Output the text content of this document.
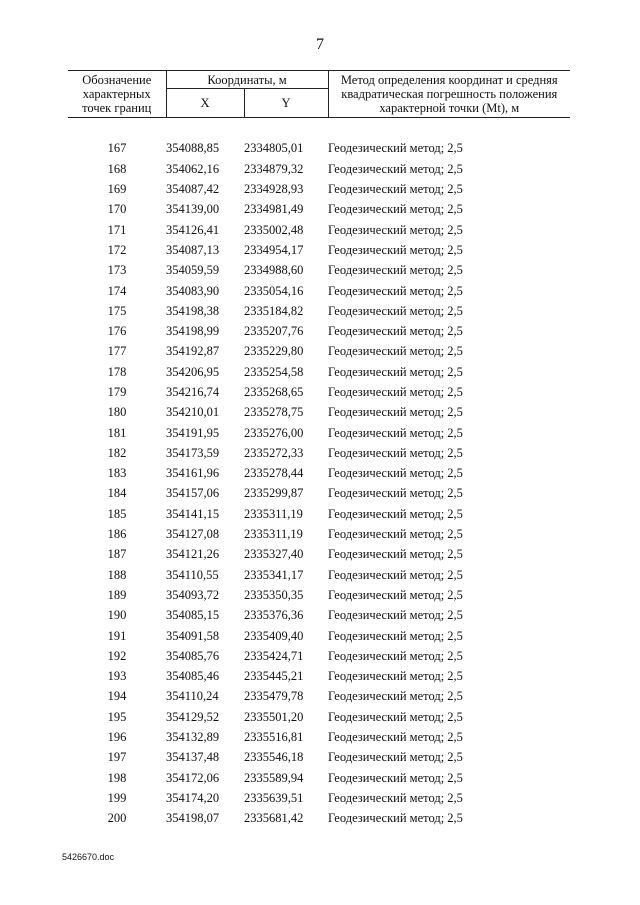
7
Обозначение характерных точек границ	Координаты, м		Метод определения координат и средняя квадратическая погрешность положения характерной точки (Mt), м
	X	Y	

167	354088,85	2334805,01	Геодезический метод; 2,5
168	354062,16	2334879,32	Геодезический метод; 2,5
169	354087,42	2334928,93	Геодезический метод; 2,5
170	354139,00	2334981,49	Геодезический метод; 2,5
171	354126,41	2335002,48	Геодезический метод; 2,5
172	354087,13	2334954,17	Геодезический метод; 2,5
173	354059,59	2334988,60	Геодезический метод; 2,5
174	354083,90	2335054,16	Геодезический метод; 2,5
175	354198,38	2335184,82	Геодезический метод; 2,5
176	354198,99	2335207,76	Геодезический метод; 2,5
177	354192,87	2335229,80	Геодезический метод; 2,5
178	354206,95	2335254,58	Геодезический метод; 2,5
179	354216,74	2335268,65	Геодезический метод; 2,5
180	354210,01	2335278,75	Геодезический метод; 2,5
181	354191,95	2335276,00	Геодезический метод; 2,5
182	354173,59	2335272,33	Геодезический метод; 2,5
183	354161,96	2335278,44	Геодезический метод; 2,5
184	354157,06	2335299,87	Геодезический метод; 2,5
185	354141,15	2335311,19	Геодезический метод; 2,5
186	354127,08	2335311,19	Геодезический метод; 2,5
187	354121,26	2335327,40	Геодезический метод; 2,5
188	354110,55	2335341,17	Геодезический метод; 2,5
189	354093,72	2335350,35	Геодезический метод; 2,5
190	354085,15	2335376,36	Геодезический метод; 2,5
191	354091,58	2335409,40	Геодезический метод; 2,5
192	354085,76	2335424,71	Геодезический метод; 2,5
193	354085,46	2335445,21	Геодезический метод; 2,5
194	354110,24	2335479,78	Геодезический метод; 2,5
195	354129,52	2335501,20	Геодезический метод; 2,5
196	354132,89	2335516,81	Геодезический метод; 2,5
197	354137,48	2335546,18	Геодезический метод; 2,5
198	354172,06	2335589,94	Геодезический метод; 2,5
199	354174,20	2335639,51	Геодезический метод; 2,5
200	354198,07	2335681,42	Геодезический метод; 2,5
5426670.doc
